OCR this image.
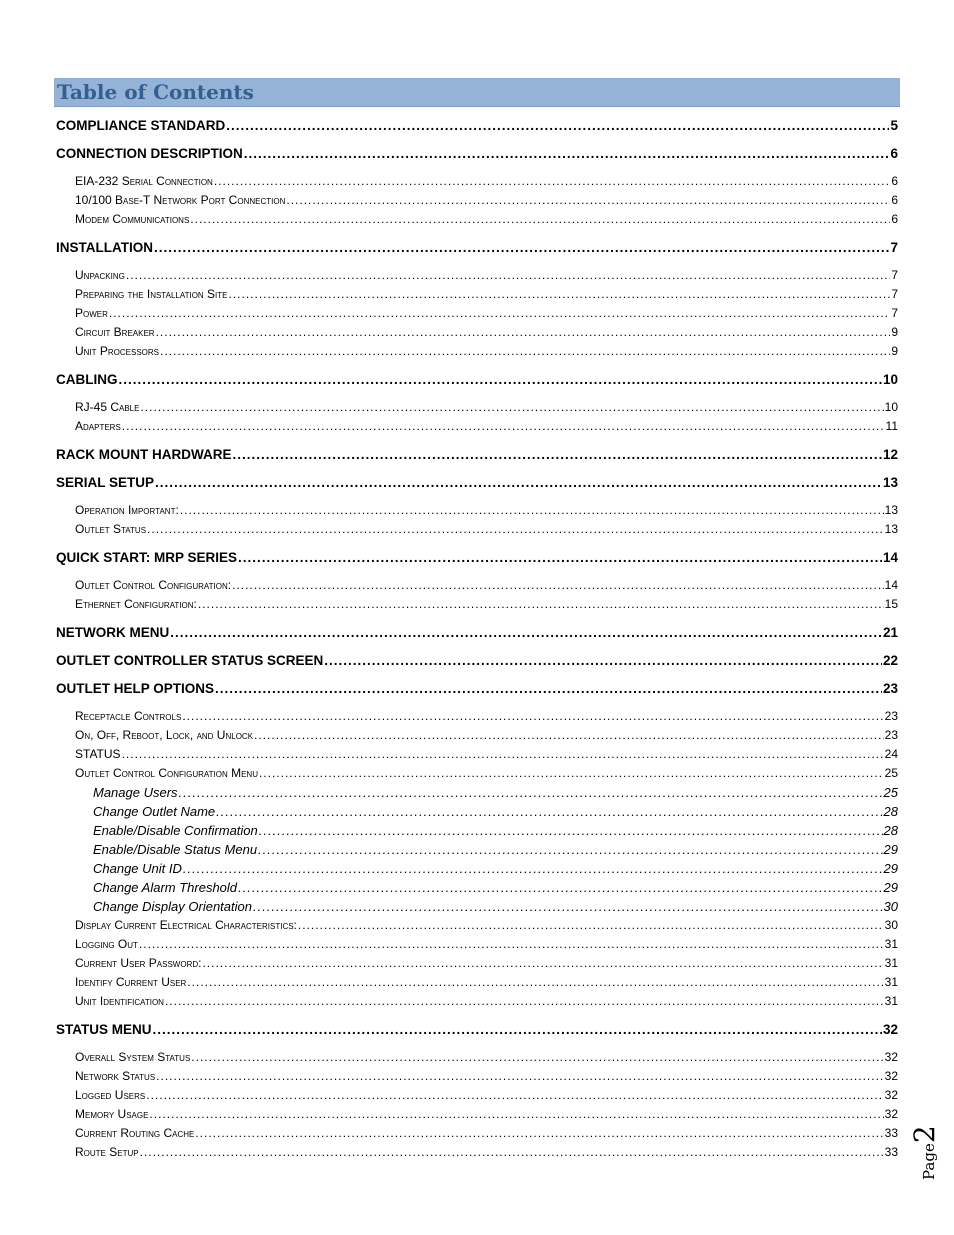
Table of Contents
COMPLIANCE STANDARD .....	5
CONNECTION DESCRIPTION .....	6
EIA-232 Serial Connection .....	6
10/100 Base-T Network Port Connection .....	6
Modem Communications .....	6
INSTALLATION .....	7
Unpacking .....	7
Preparing the Installation Site .....	7
Power .....	7
Circuit Breaker .....	9
Unit Processors .....	9
CABLING .....	10
RJ-45 Cable .....	10
Adapters .....	11
RACK MOUNT HARDWARE .....	12
SERIAL SETUP .....	13
Operation Important: .....	13
Outlet Status .....	13
QUICK START: MRP SERIES .....	14
Outlet Control Configuration: .....	14
Ethernet Configuration: .....	15
NETWORK MENU .....	21
OUTLET CONTROLLER STATUS SCREEN .....	22
OUTLET HELP OPTIONS .....	23
Receptacle Controls .....	23
On, Off, Reboot, Lock, and Unlock .....	23
STATUS .....	24
Outlet Control Configuration Menu .....	25
Manage Users .....	25
Change Outlet Name .....	28
Enable/Disable Confirmation .....	28
Enable/Disable Status Menu .....	29
Change Unit ID .....	29
Change Alarm Threshold .....	29
Change Display Orientation .....	30
Display Current Electrical Characteristics: .....	30
Logging Out .....	31
Current User Password: .....	31
Identify Current User .....	31
Unit Identification .....	31
STATUS MENU .....	32
Overall System Status .....	32
Network Status .....	32
Logged Users .....	32
Memory Usage .....	32
Current Routing Cache .....	33
Route Setup .....	33	Page2
